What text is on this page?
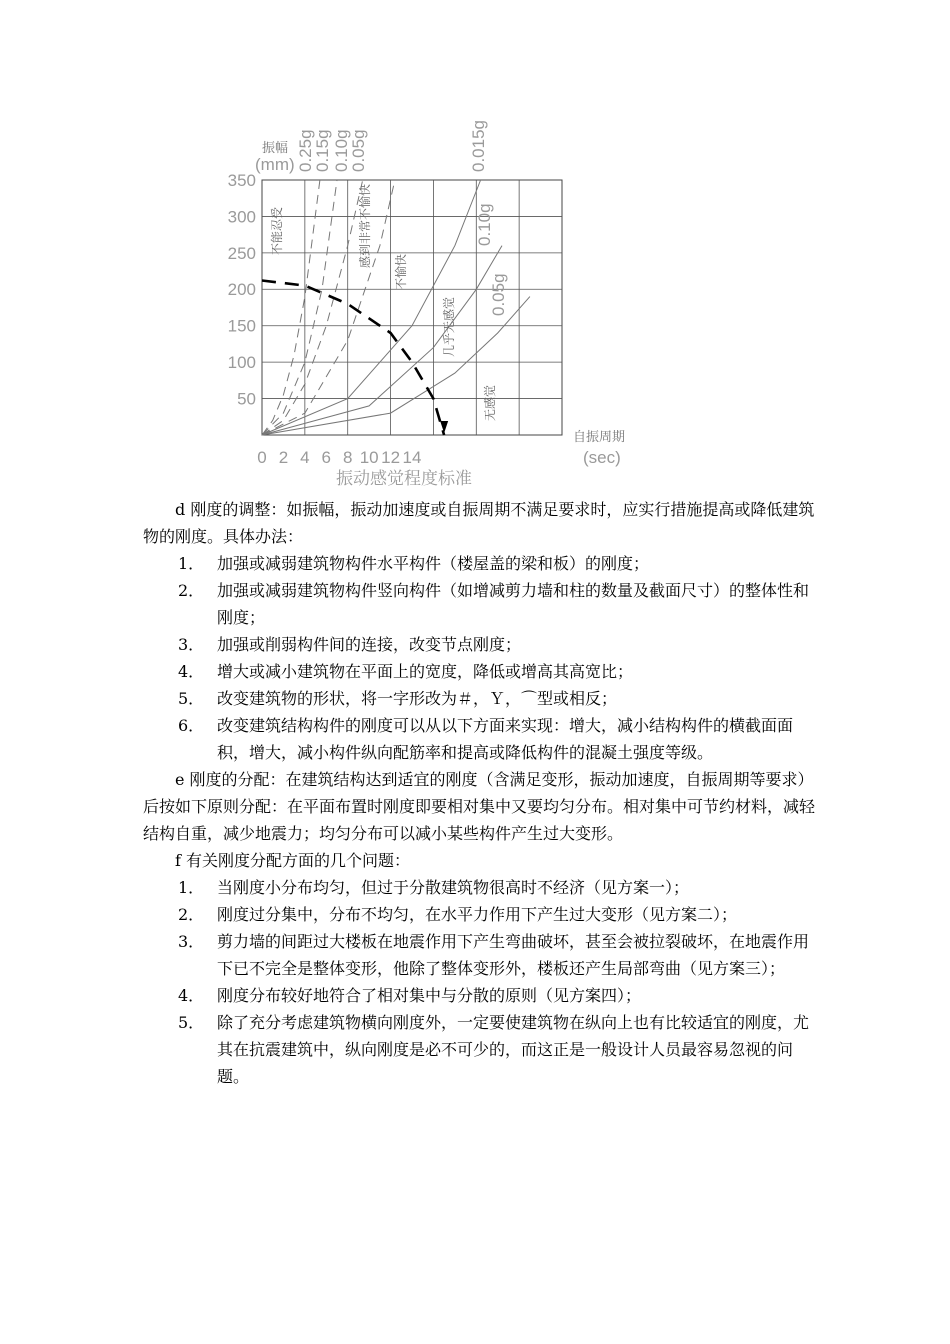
0 2 4 6 8 10 12 14
350
300
250
200
150
100
50
振幅
(mm)
自振周期
(sec)
振动感觉程度标准
0.25g
0.15g 0.10g
0.05g	0.015g
0.10g
0.05g
不能忍受	感到非常不愉快
不愉快
几乎无感觉
无感觉

d 刚度的调整：如振幅，振动加速度或自振周期不满足要求时，应实行措施提高或降低建筑物的刚度。具体办法：

1． 加强或减弱建筑物构件水平构件（楼屋盖的梁和板）的刚度；
2． 加强或减弱建筑物构件竖向构件（如增减剪力墙和柱的数量及截面尺寸）的整体性和刚度；
3． 加强或削弱构件间的连接，改变节点刚度；
4． 增大或减小建筑物在平面上的宽度，降低或增高其高宽比；
5． 改变建筑物的形状，将一字形改为＃，Ｙ，⌒型或相反；
6． 改变建筑结构构件的刚度可以从以下方面来实现：增大，减小结构构件的横截面面积，增大，减小构件纵向配筋率和提高或降低构件的混凝土强度等级。

e 刚度的分配：在建筑结构达到适宜的刚度（含满足变形，振动加速度，自振周期等要求）后按如下原则分配：在平面布置时刚度即要相对集中又要均匀分布。相对集中可节约材料，减轻结构自重，减少地震力；均匀分布可以减小某些构件产生过大变形。

f 有关刚度分配方面的几个问题：

1． 当刚度小分布均匀，但过于分散建筑物很高时不经济（见方案一）；
2． 刚度过分集中，分布不均匀，在水平力作用下产生过大变形（见方案二）；
3． 剪力墙的间距过大楼板在地震作用下产生弯曲破坏，甚至会被拉裂破坏，在地震作用下已不完全是整体变形，他除了整体变形外，楼板还产生局部弯曲（见方案三）；
4． 刚度分布较好地符合了相对集中与分散的原则（见方案四）；
5． 除了充分考虑建筑物横向刚度外，一定要使建筑物在纵向上也有比较适宜的刚度，尤其在抗震建筑中，纵向刚度是必不可少的，而这正是一般设计人员最容易忽视的问题。
